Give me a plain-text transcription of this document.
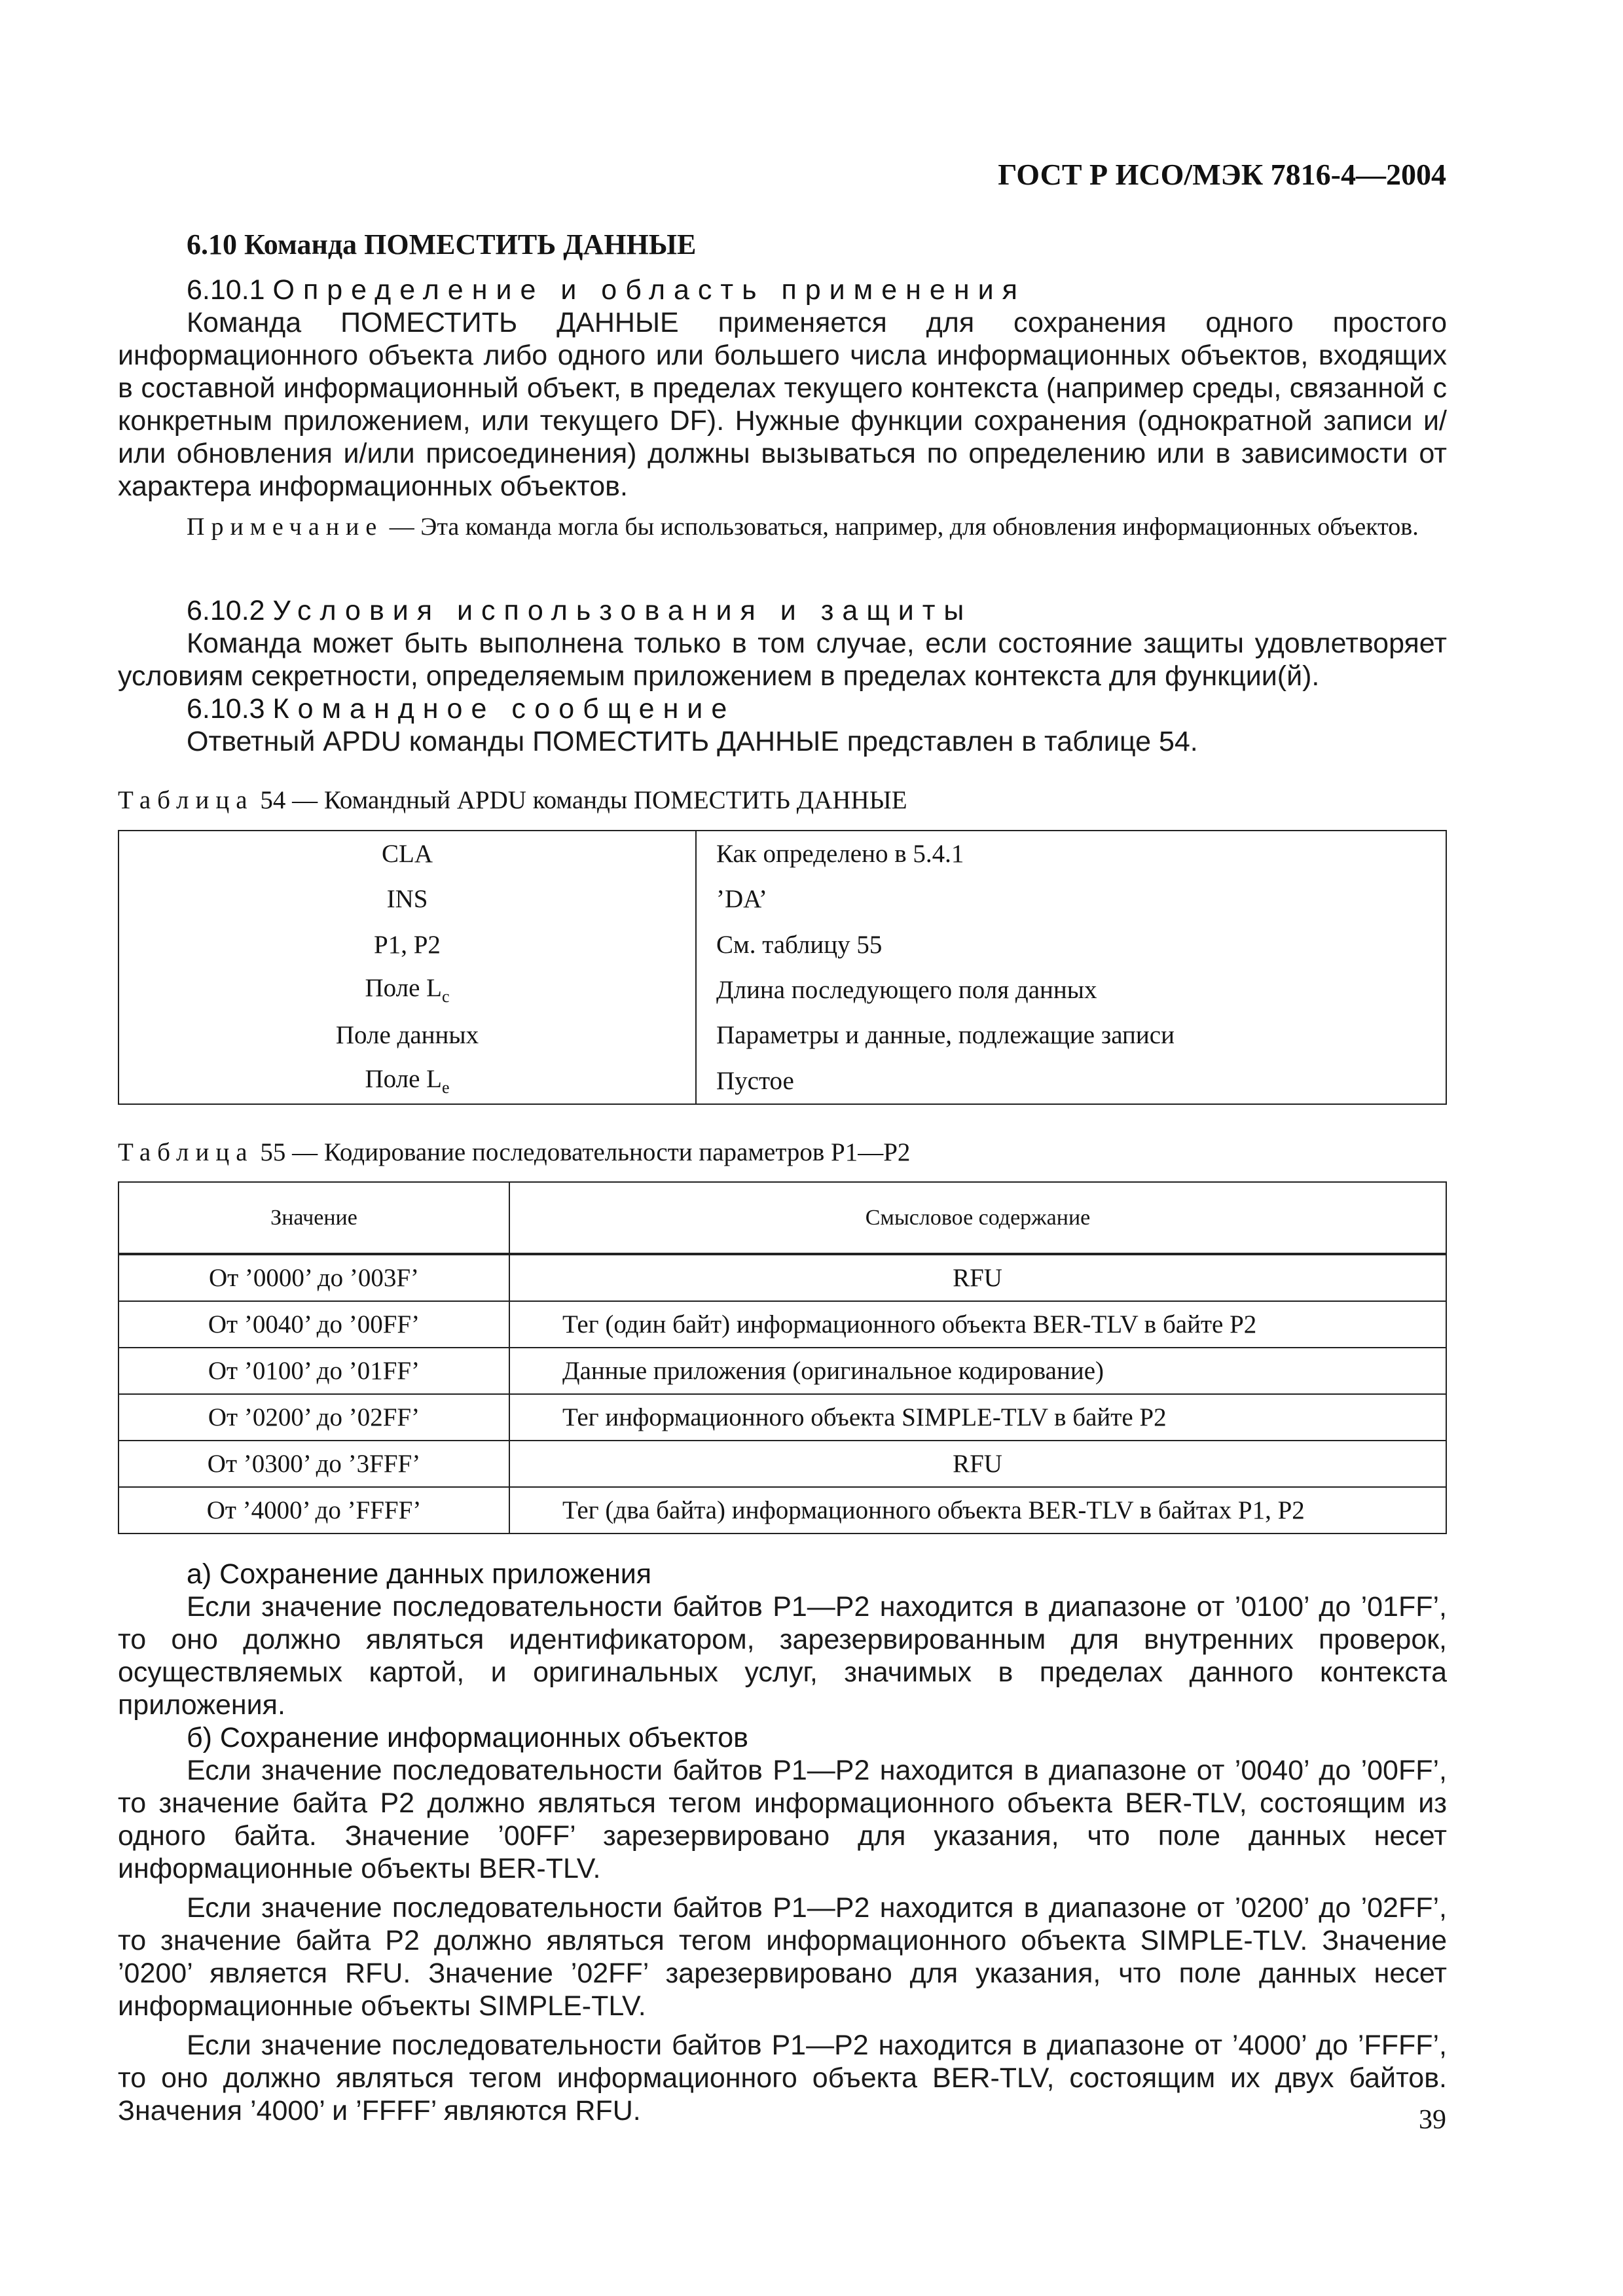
ГОСТ Р ИСО/МЭК 7816-4—2004
6.10 Команда ПОМЕСТИТЬ ДАННЫЕ
6.10.1 Определение и область применения

Команда ПОМЕСТИТЬ ДАННЫЕ применяется для сохранения одного простого информационного объекта либо одного или большего числа информационных объектов, входящих в составной информационный объект, в пределах текущего контекста (например среды, связанной с конкретным приложением, или текущего DF). Нужные функции сохранения (однократной записи и/или обновления и/или присоединения) должны вызываться по определению или в зависимости от характера информационных объектов.

Примечание — Эта команда могла бы использоваться, например, для обновления информационных объектов.

6.10.2 Условия использования и защиты

Команда может быть выполнена только в том случае, если состояние защиты удовлетворяет условиям секретности, определяемым приложением в пределах контекста для функции(й).

6.10.3 Командное сообщение

Ответный APDU команды ПОМЕСТИТЬ ДАННЫЕ представлен в таблице 54.

Таблица 54 — Командный APDU команды ПОМЕСТИТЬ ДАННЫЕ
CLA	Как определено в 5.4.1
INS	’DA’
P1, P2	См. таблицу 55
Поле $L_c$	Длина последующего поля данных
Поле данных	Параметры и данные, подлежащие записи
Поле $L_e$	Пустое
Таблица 55 — Кодирование последовательности параметров P1—P2
Значение	Смысловое содержание
От ’0000’ до ’003F’	RFU
От ’0040’ до ’00FF’	Тег (один байт) информационного объекта BER-TLV в байте P2
От ’0100’ до ’01FF’	Данные приложения (оригинальное кодирование)
От ’0200’ до ’02FF’	Тег информационного объекта SIMPLE-TLV в байте P2
От ’0300’ до ’3FFF’	RFU
От ’4000’ до ’FFFF’	Тег (два байта) информационного объекта BER-TLV в байтах P1, P2
а) Сохранение данных приложения

Если значение последовательности байтов P1—P2 находится в диапазоне от ’0100’ до ’01FF’, то оно должно являться идентификатором, зарезервированным для внутренних проверок, осуществляемых картой, и оригинальных услуг, значимых в пределах данного контекста приложения.

б) Сохранение информационных объектов

Если значение последовательности байтов P1—P2 находится в диапазоне от ’0040’ до ’00FF’, то значение байта P2 должно являться тегом информационного объекта BER-TLV, состоящим из одного байта. Значение ’00FF’ зарезервировано для указания, что поле данных несет информационные объекты BER-TLV.

Если значение последовательности байтов P1—P2 находится в диапазоне от ’0200’ до ’02FF’, то значение байта P2 должно являться тегом информационного объекта SIMPLE-TLV. Значение ’0200’ является RFU. Значение ’02FF’ зарезервировано для указания, что поле данных несет информационные объекты SIMPLE-TLV.

Если значение последовательности байтов P1—P2 находится в диапазоне от ’4000’ до ’FFFF’, то оно должно являться тегом информационного объекта BER-TLV, состоящим их двух байтов. Значения ’4000’ и ’FFFF’ являются RFU.	39
